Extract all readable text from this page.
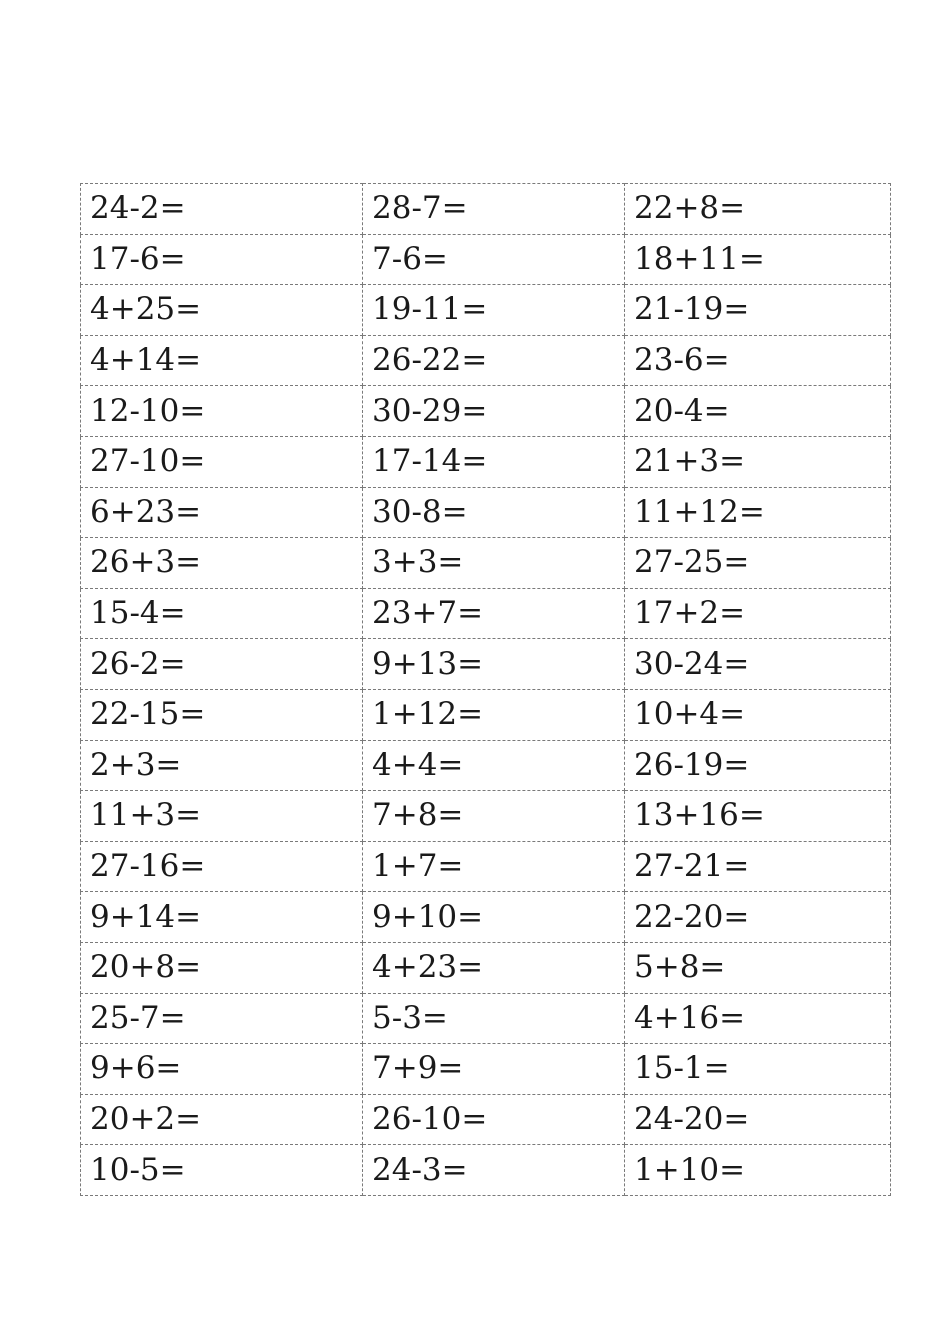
24-2=	28-7=	22+8=
17-6=	7-6=	18+11=
4+25=	19-11=	21-19=
4+14=	26-22=	23-6=
12-10=	30-29=	20-4=
27-10=	17-14=	21+3=
6+23=	30-8=	11+12=
26+3=	3+3=	27-25=
15-4=	23+7=	17+2=
26-2=	9+13=	30-24=
22-15=	1+12=	10+4=
2+3=	4+4=	26-19=
11+3=	7+8=	13+16=
27-16=	1+7=	27-21=
9+14=	9+10=	22-20=
20+8=	4+23=	5+8=
25-7=	5-3=	4+16=
9+6=	7+9=	15-1=
20+2=	26-10=	24-20=
10-5=	24-3=	1+10=
